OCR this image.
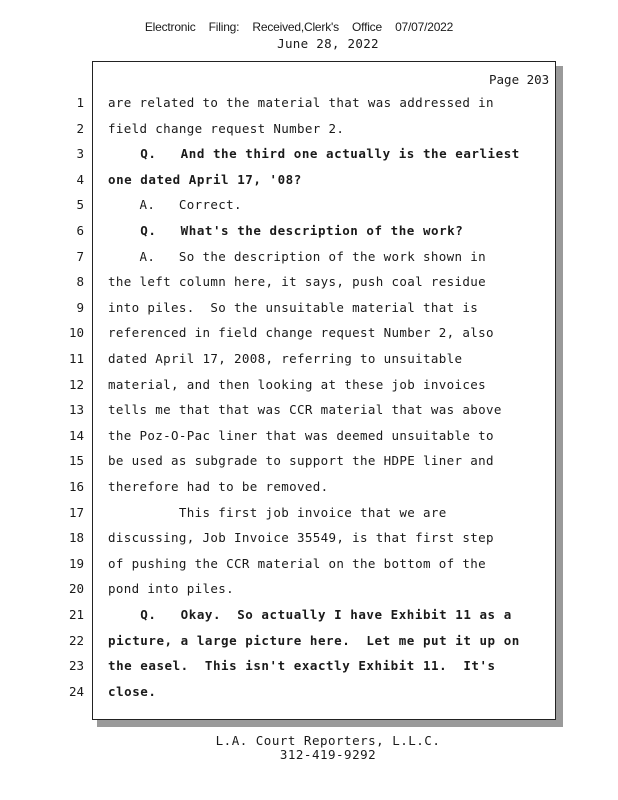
Electronic Filing: Received,Clerk's Office 07/07/2022
June 28, 2022
Page 203
1 are related to the material that was addressed in
2 field change request Number 2.
3 Q.   And the third one actually is the earliest
4 one dated April 17, '08?
5 A.   Correct.
6 Q.   What's the description of the work?
7 A.   So the description of the work shown in
8 the left column here, it says, push coal residue
9 into piles.  So the unsuitable material that is
10 referenced in field change request Number 2, also
11 dated April 17, 2008, referring to unsuitable
12 material, and then looking at these job invoices
13 tells me that that was CCR material that was above
14 the Poz-O-Pac liner that was deemed unsuitable to
15 be used as subgrade to support the HDPE liner and
16 therefore had to be removed.
17 This first job invoice that we are
18 discussing, Job Invoice 35549, is that first step
19 of pushing the CCR material on the bottom of the
20 pond into piles.
21 Q.   Okay.  So actually I have Exhibit 11 as a
22 picture, a large picture here.  Let me put it up on
23 the easel.  This isn't exactly Exhibit 11.  It's
24 close.
L.A. Court Reporters, L.L.C.
312-419-9292
